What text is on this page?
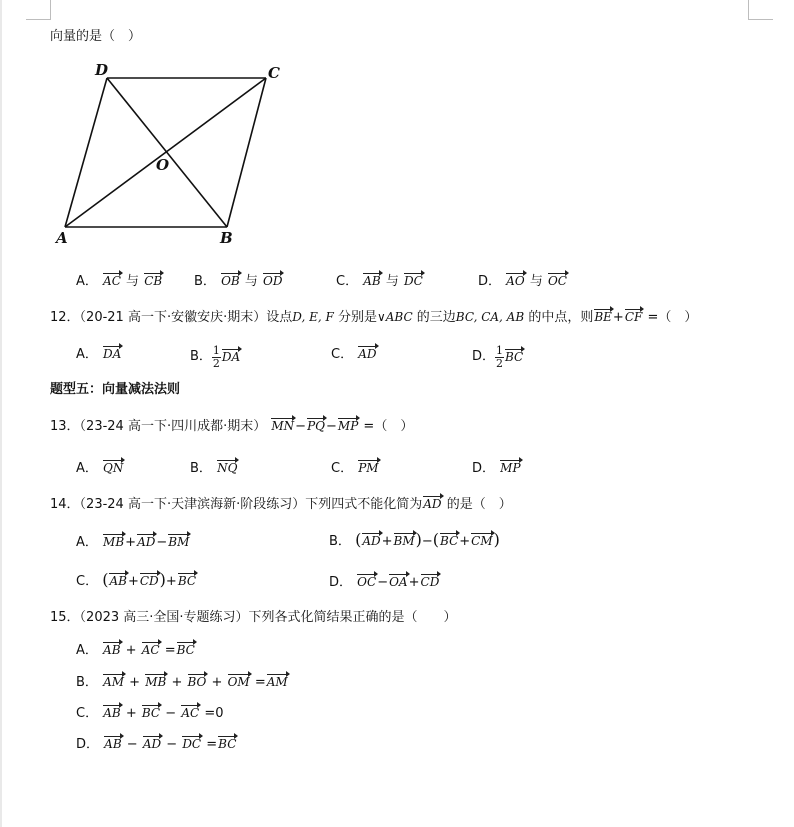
向量的是（　）
A	B
C
D
O
A． AC 与 CB B． OB 与 OD	C． AB 与 DC	D． AO 与 OC
12．（20-21 高一下·安徽安庆·期末）设点D, E, F 分别是∨ABC 的三边BC, CA, AB 的中点，则BE+CF =（　）
A． DA	B． $\frac{1}{2}$ DA	C． AD	D． $\frac{1}{2}$ BC
题型五：向量减法法则
13．（23-24 高一下·四川成都·期末） MN−PQ−MP =（　）
A． QN	B． NQ	C． PM	D． MP
14．（23-24 高一下·天津滨海新·阶段练习）下列四式不能化简为AD 的是（　）
A． MB+AD−BM	B． (AD+BM)−(BC+CM)
C． (AB+CD)+BC	D． OC−OA+CD
15．（2023 高三·全国·专题练习）下列各式化简结果正确的是（　　）
A． AB + AC =BC
B． AM + MB + BO + OM =AM
C． AB + BC − AC =0
D． AB − AD − DC =BC
